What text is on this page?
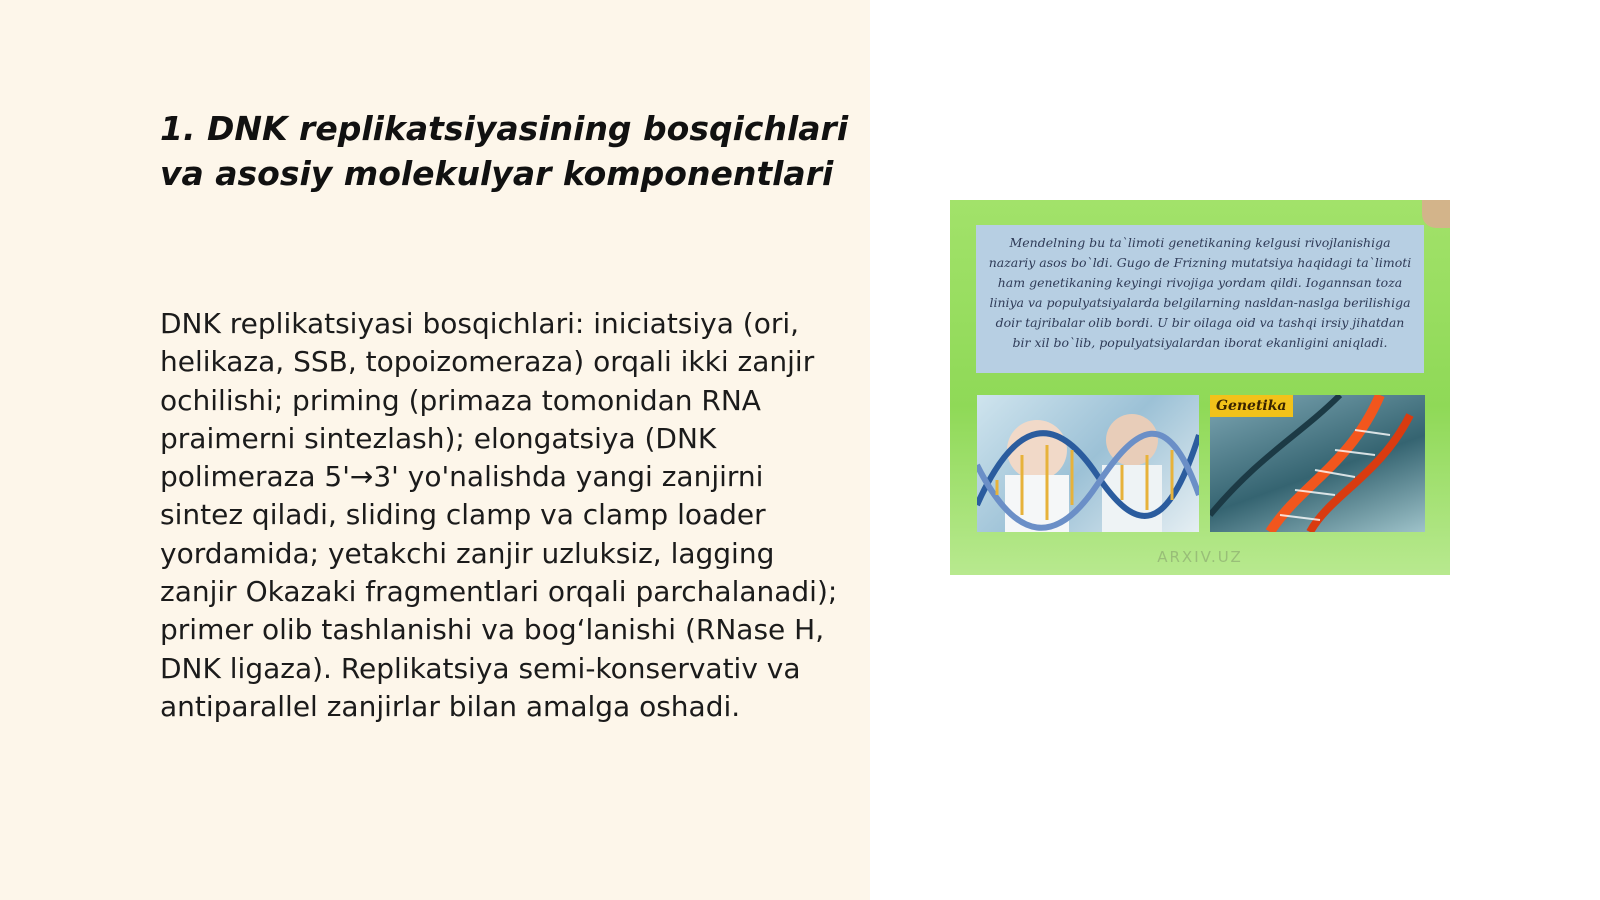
1. DNK replikatsiyasining bosqichlari
va asosiy molekulyar komponentlari

DNK replikatsiyasi bosqichlari: iniciatsiya (ori, helikaza, SSB, topoizomeraza) orqali ikki zanjir ochilishi; priming (primaza tomonidan RNA praimerni sintezlash); elongatsiya (DNK polimeraza 5'→3' yo'nalishda yangi zanjirni sintez qiladi, sliding clamp va clamp loader yordamida; yetakchi zanjir uzluksiz, lagging zanjir Okazaki fragmentlari orqali parchalanadi); primer olib tashlanishi va bog‘lanishi (RNase H, DNK ligaza). Replikatsiya semi-konservativ va antiparallel zanjirlar bilan amalga oshadi.

Mendelning bu ta`limoti genetikaning kelgusi rivojlanishiga nazariy asos bo`ldi. Gugo de Frizning mutatsiya haqidagi ta`limoti ham genetikaning keyingi rivojiga yordam qildi. Iogannsan toza liniya va populyatsiyalarda belgilarning nasldan-naslga berilishiga doir tajribalar olib bordi. U bir oilaga oid va tashqi irsiy jihatdan bir xil bo`lib, populyatsiyalardan iborat ekanligini aniqladi.

Genetika
ARXIV.UZ
